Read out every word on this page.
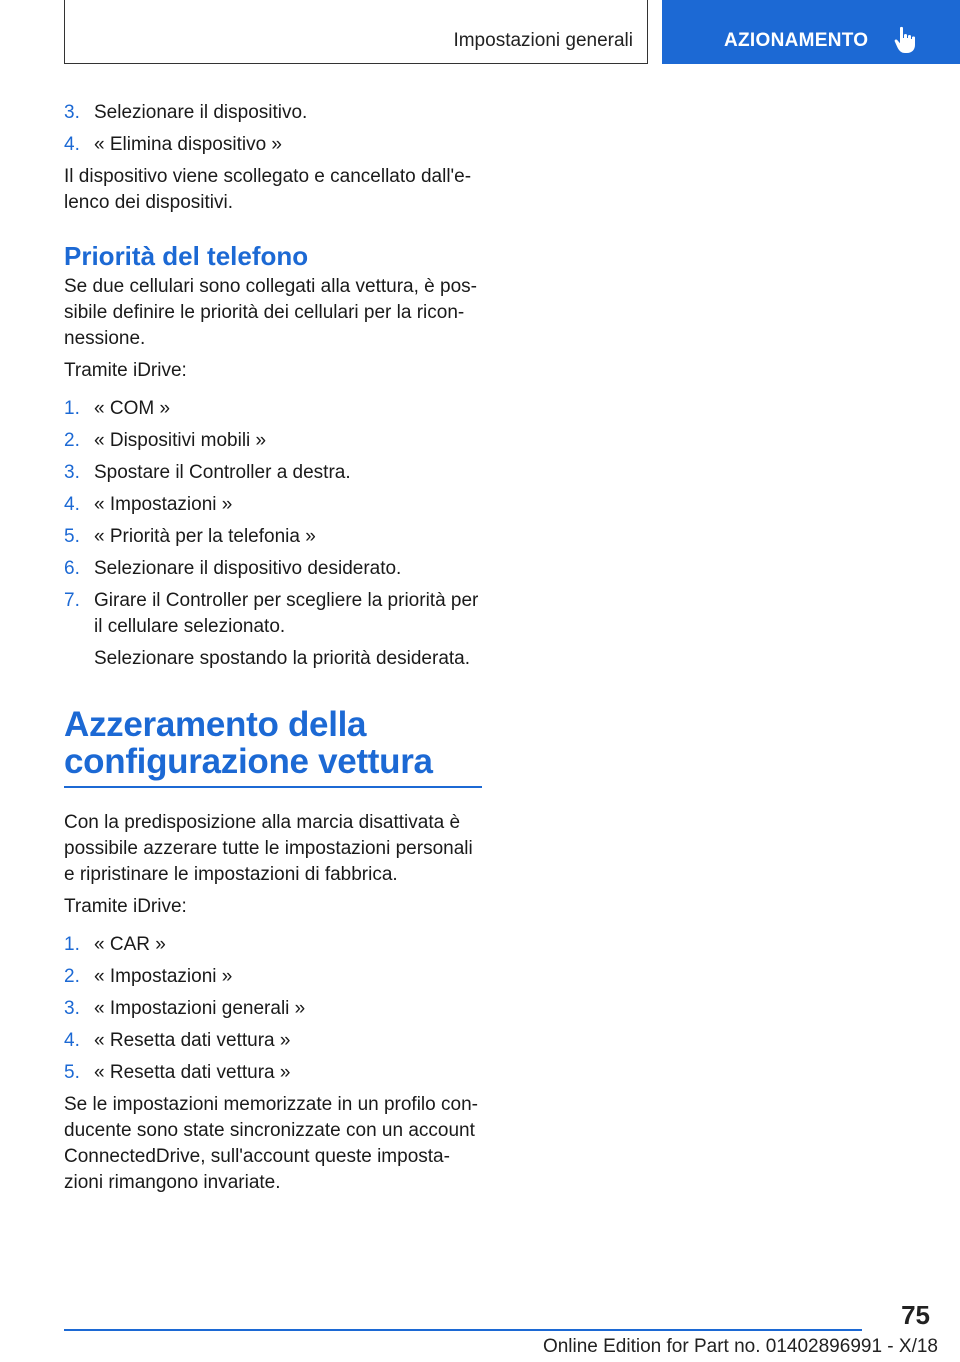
Impostazioni generali	AZIONAMENTO
3. Selezionare il dispositivo.
4. « Elimina dispositivo »

Il dispositivo viene scollegato e cancellato dall'e‐lenco dei dispositivi.

Priorità del telefono

Se due cellulari sono collegati alla vettura, è pos‐sibile definire le priorità dei cellulari per la ricon‐nessione.

Tramite iDrive:

1. « COM »
2. « Dispositivi mobili »
3. Spostare il Controller a destra.
4. « Impostazioni »
5. « Priorità per la telefonia »
6. Selezionare il dispositivo desiderato.
7. Girare il Controller per scegliere la priorità per il cellulare selezionato.

Selezionare spostando la priorità desiderata.

Azzeramento della configurazione vettura

Con la predisposizione alla marcia disattivata è possibile azzerare tutte le impostazioni personali e ripristinare le impostazioni di fabbrica.

Tramite iDrive:

1. « CAR »
2. « Impostazioni »
3. « Impostazioni generali »
4. « Resetta dati vettura »
5. « Resetta dati vettura »

Se le impostazioni memorizzate in un profilo con‐ducente sono state sincronizzate con un account ConnectedDrive, sull'account queste imposta‐zioni rimangono invariate.

75
Online Edition for Part no. 01402896991 - X/18
